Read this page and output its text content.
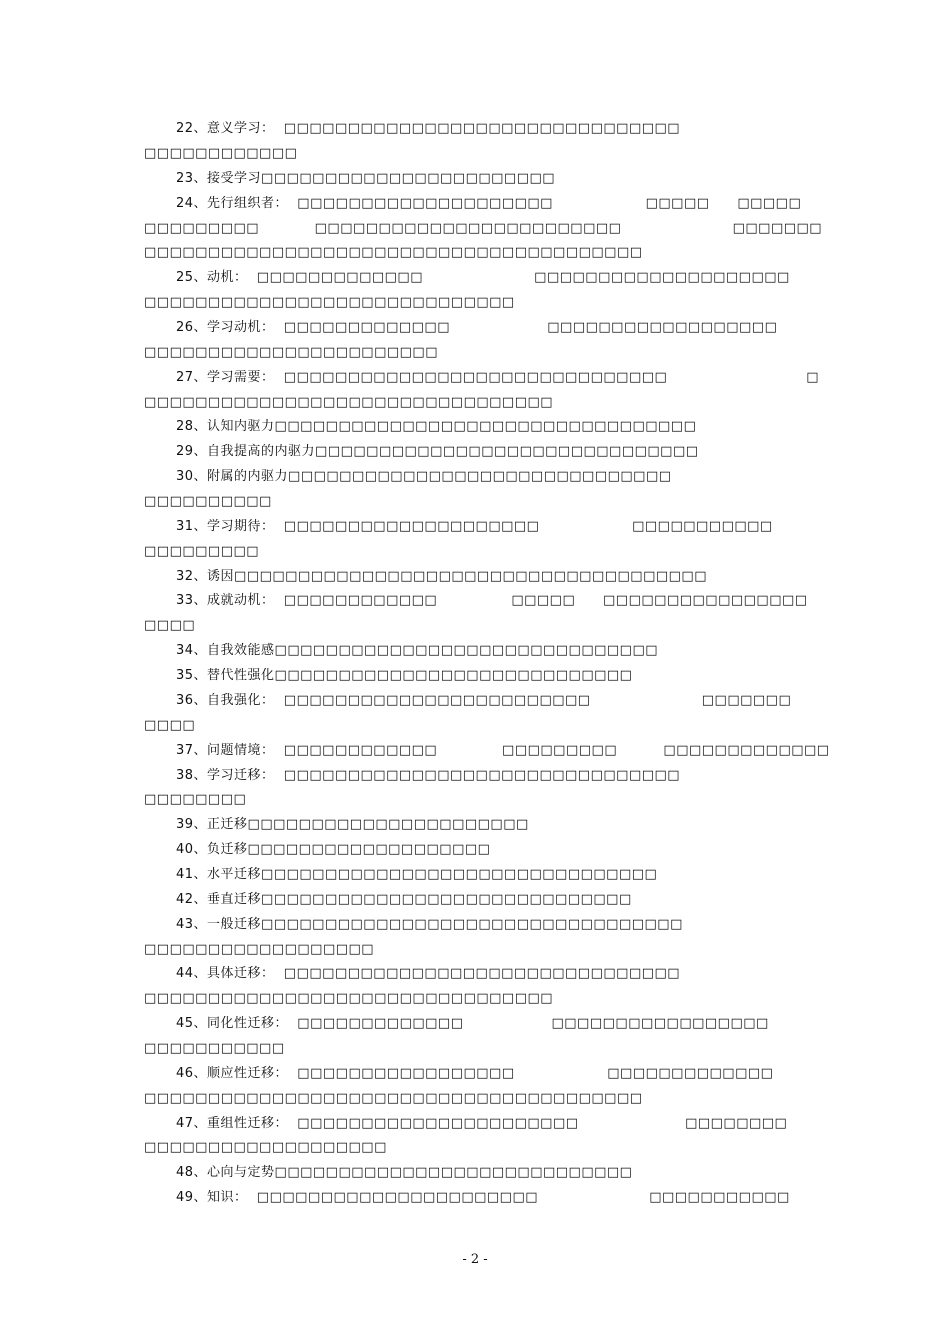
22、意义学习：  □□□□□□□□□□□□□□□□□□□□□□□□□□□□□□□
□□□□□□□□□□□□
23、接受学习□□□□□□□□□□□□□□□□□□□□□□□
24、先行组织者：  □□□□□□□□□□□□□□□□□□□□                    □□□□□      □□□□□
□□□□□□□□□            □□□□□□□□□□□□□□□□□□□□□□□□                        □□□□□□□
□□□□□□□□□□□□□□□□□□□□□□□□□□□□□□□□□□□□□□□
25、动机：  □□□□□□□□□□□□□                        □□□□□□□□□□□□□□□□□□□□
□□□□□□□□□□□□□□□□□□□□□□□□□□□□□
26、学习动机：  □□□□□□□□□□□□□                     □□□□□□□□□□□□□□□□□□
□□□□□□□□□□□□□□□□□□□□□□□
27、学习需要：  □□□□□□□□□□□□□□□□□□□□□□□□□□□□□□                              □
□□□□□□□□□□□□□□□□□□□□□□□□□□□□□□□□
28、认知内驱力□□□□□□□□□□□□□□□□□□□□□□□□□□□□□□□□□
29、自我提高的内驱力□□□□□□□□□□□□□□□□□□□□□□□□□□□□□□
30、附属的内驱力□□□□□□□□□□□□□□□□□□□□□□□□□□□□□□
□□□□□□□□□□
31、学习期待：  □□□□□□□□□□□□□□□□□□□□                    □□□□□□□□□□□
□□□□□□□□□
32、诱因□□□□□□□□□□□□□□□□□□□□□□□□□□□□□□□□□□□□□
33、成就动机：  □□□□□□□□□□□□                □□□□□      □□□□□□□□□□□□□□□□
□□□□
34、自我效能感□□□□□□□□□□□□□□□□□□□□□□□□□□□□□□
35、替代性强化□□□□□□□□□□□□□□□□□□□□□□□□□□□□
36、自我强化：  □□□□□□□□□□□□□□□□□□□□□□□□                        □□□□□□□
□□□□
37、问题情境：  □□□□□□□□□□□□              □□□□□□□□□          □□□□□□□□□□□□□
38、学习迁移：  □□□□□□□□□□□□□□□□□□□□□□□□□□□□□□□
□□□□□□□□
39、正迁移□□□□□□□□□□□□□□□□□□□□□□
40、负迁移□□□□□□□□□□□□□□□□□□□
41、水平迁移□□□□□□□□□□□□□□□□□□□□□□□□□□□□□□□
42、垂直迁移□□□□□□□□□□□□□□□□□□□□□□□□□□□□□
43、一般迁移□□□□□□□□□□□□□□□□□□□□□□□□□□□□□□□□□
□□□□□□□□□□□□□□□□□□
44、具体迁移：  □□□□□□□□□□□□□□□□□□□□□□□□□□□□□□□
□□□□□□□□□□□□□□□□□□□□□□□□□□□□□□□□
45、同化性迁移：  □□□□□□□□□□□□□                   □□□□□□□□□□□□□□□□□
□□□□□□□□□□□
46、顺应性迁移：  □□□□□□□□□□□□□□□□□                    □□□□□□□□□□□□□
□□□□□□□□□□□□□□□□□□□□□□□□□□□□□□□□□□□□□□□
47、重组性迁移：  □□□□□□□□□□□□□□□□□□□□□□                       □□□□□□□□
□□□□□□□□□□□□□□□□□□□
48、心向与定势□□□□□□□□□□□□□□□□□□□□□□□□□□□□
49、知识：  □□□□□□□□□□□□□□□□□□□□□□                        □□□□□□□□□□□
- 2 -
